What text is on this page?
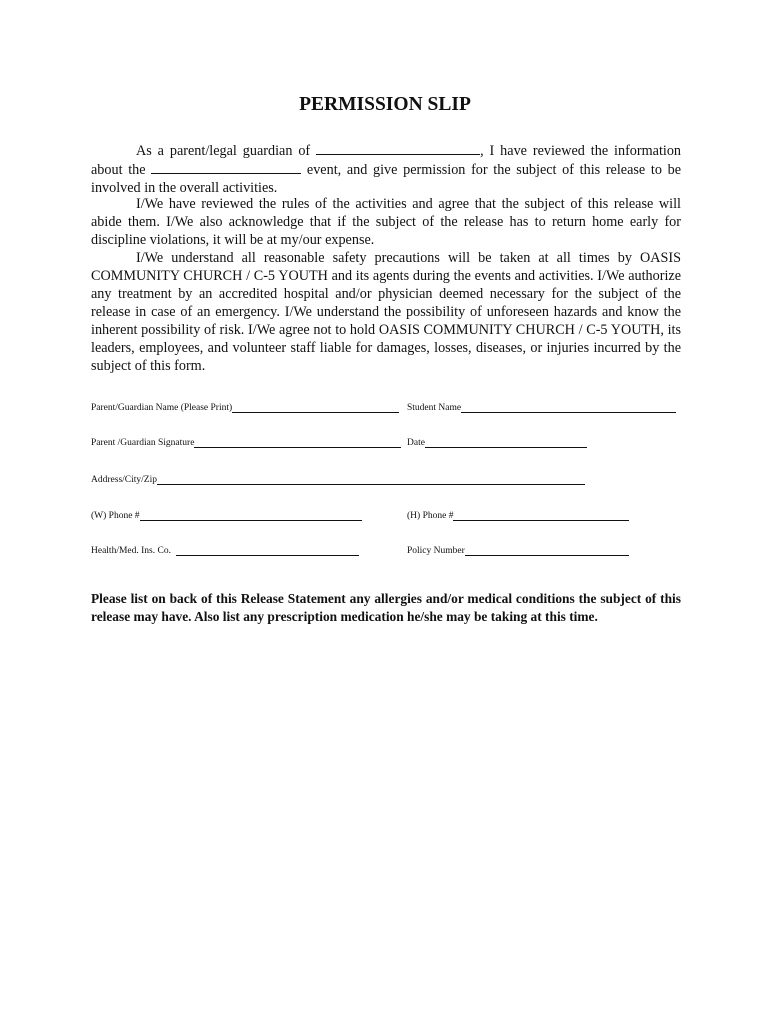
PERMISSION SLIP

As a parent/legal guardian of	, I have reviewed the information about the	event, and give permission for the subject of this release to be involved in the overall activities.

I/We have reviewed the rules of the activities and agree that the subject of this release will abide them. I/We also acknowledge that if the subject of the release has to return home early for discipline violations, it will be at my/our expense.

I/We understand all reasonable safety precautions will be taken at all times by OASIS COMMUNITY CHURCH / C-5 YOUTH and its agents during the events and activities. I/We authorize any treatment by an accredited hospital and/or physician deemed necessary for the subject of the release in case of an emergency. I/We understand the possibility of unforeseen hazards and know the inherent possibility of risk. I/We agree not to hold OASIS COMMUNITY CHURCH / C-5 YOUTH, its leaders, employees, and volunteer staff liable for damages, losses, diseases, or injuries incurred by the subject of this form.

Parent/Guardian Name (Please Print)	Student Name
Parent /Guardian Signature	Date
Address/City/Zip
(W) Phone #	(H) Phone #
Health/Med. Ins. Co.	Policy Number

Please list on back of this Release Statement any allergies and/or medical conditions the subject of this release may have. Also list any prescription medication he/she may be taking at this time.
